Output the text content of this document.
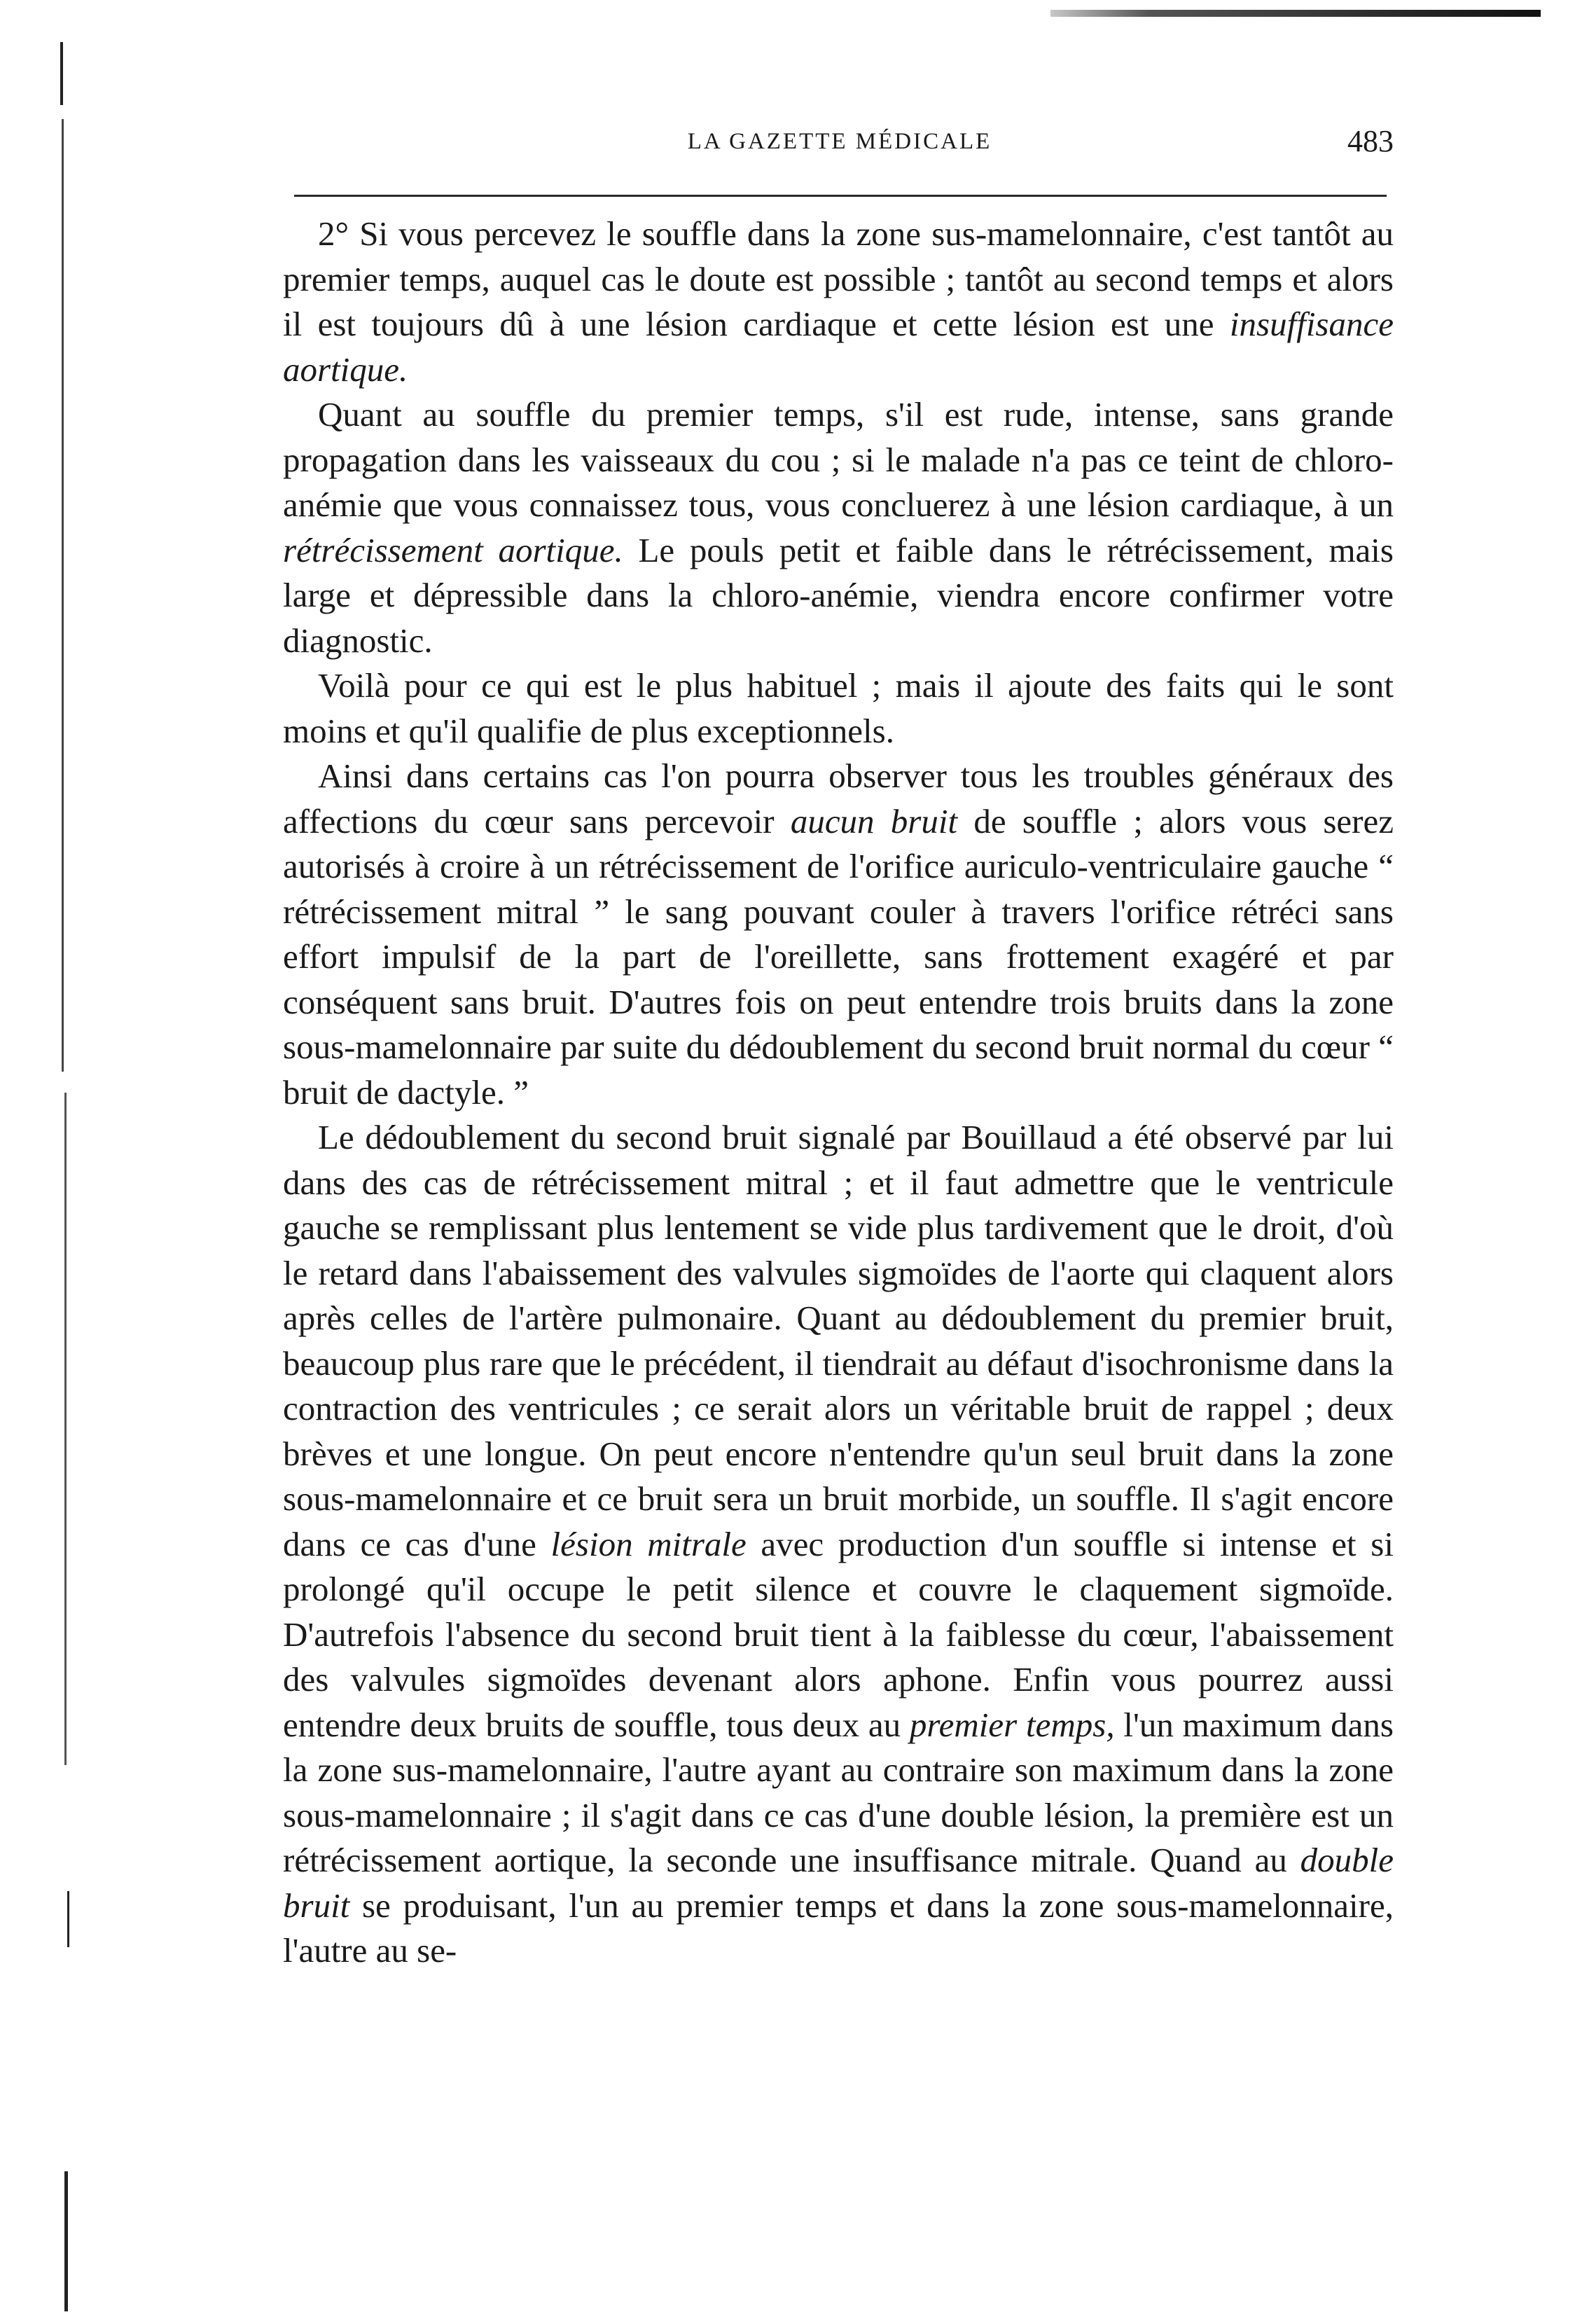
LA GAZETTE MÉDICALE	483

2° Si vous percevez le souffle dans la zone sus-mamelonnaire, c'est tantôt au premier temps, auquel cas le doute est possible ; tantôt au second temps et alors il est toujours dû à une lésion cardiaque et cette lésion est une insuffisance aortique.

Quant au souffle du premier temps, s'il est rude, intense, sans grande propagation dans les vaisseaux du cou ; si le malade n'a pas ce teint de chloro-anémie que vous connaissez tous, vous concluerez à une lésion cardiaque, à un rétrécissement aortique. Le pouls petit et faible dans le rétrécissement, mais large et dépressible dans la chloro-anémie, viendra encore confirmer votre diagnostic.

Voilà pour ce qui est le plus habituel ; mais il ajoute des faits qui le sont moins et qu'il qualifie de plus exceptionnels.

Ainsi dans certains cas l'on pourra observer tous les troubles généraux des affections du cœur sans percevoir aucun bruit de souffle ; alors vous serez autorisés à croire à un rétrécissement de l'orifice auriculo-ventriculaire gauche “ rétrécissement mitral ” le sang pouvant couler à travers l'orifice rétréci sans effort impulsif de la part de l'oreillette, sans frottement exagéré et par conséquent sans bruit. D'autres fois on peut entendre trois bruits dans la zone sous-mamelonnaire par suite du dédoublement du second bruit normal du cœur “ bruit de dactyle. ”

Le dédoublement du second bruit signalé par Bouillaud a été observé par lui dans des cas de rétrécissement mitral ; et il faut admettre que le ventricule gauche se remplissant plus lentement se vide plus tardivement que le droit, d'où le retard dans l'abaissement des valvules sigmoïdes de l'aorte qui claquent alors après celles de l'artère pulmonaire. Quant au dédoublement du premier bruit, beaucoup plus rare que le précédent, il tiendrait au défaut d'isochronisme dans la contraction des ventricules ; ce serait alors un véritable bruit de rappel ; deux brèves et une longue. On peut encore n'entendre qu'un seul bruit dans la zone sous-mamelonnaire et ce bruit sera un bruit morbide, un souffle. Il s'agit encore dans ce cas d'une lésion mitrale avec production d'un souffle si intense et si prolongé qu'il occupe le petit silence et couvre le claquement sigmoïde. D'autrefois l'absence du second bruit tient à la faiblesse du cœur, l'abaissement des valvules sigmoïdes devenant alors aphone. Enfin vous pourrez aussi entendre deux bruits de souffle, tous deux au premier temps, l'un maximum dans la zone sus-mamelonnaire, l'autre ayant au contraire son maximum dans la zone sous-mamelonnaire ; il s'agit dans ce cas d'une double lésion, la première est un rétrécissement aortique, la seconde une insuffisance mitrale. Quand au double bruit se produisant, l'un au premier temps et dans la zone sous-mamelonnaire, l'autre au se-
